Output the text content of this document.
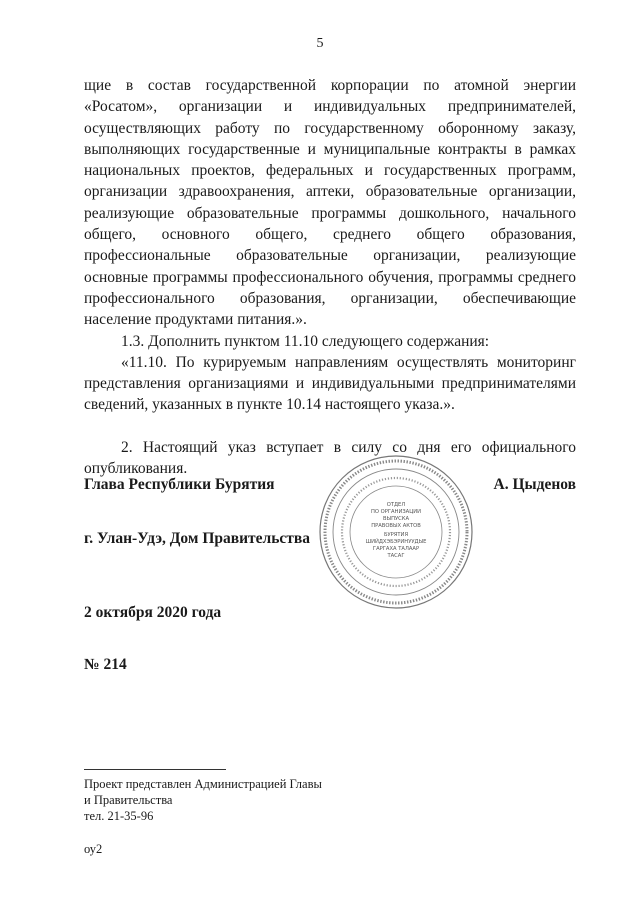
5

щие в состав государственной корпорации по атомной энергии «Росатом», организации и индивидуальных предпринимателей, осуществляющих работу по государственному оборонному заказу, выполняющих государственные и муниципальные контракты в рамках национальных проектов, федеральных и государственных программ, организации здравоохранения, аптеки, образовательные организации, реализующие образовательные программы дошкольного, начального общего, основного общего, среднего общего образования, профессиональные образовательные организации, реализующие основные программы профессионального обучения, программы среднего профессионального образования, организации, обеспечивающие население продуктами питания.».

1.3. Дополнить пунктом 11.10 следующего содержания:

«11.10. По курируемым направлениям осуществлять мониторинг представления организациями и индивидуальными предпринимателями сведений, указанных в пункте 10.14 настоящего указа.».

2. Настоящий указ вступает в силу со дня его официального опубликования.

ОТДЕЛ
ПО ОРГАНИЗАЦИИ
ВЫПУСКА
ПРАВОВЫХ АКТОВ
БУРЯТИЯ
ШИЙДХЭБЭРИНУУДЫЕ
ГАРГАХА ТАЛААР
ТАСАГ
Глава Республики Бурятия	А. Цыденов
г. Улан-Удэ, Дом Правительства
2 октября 2020 года
№ 214
Проект представлен Администрацией Главы
и Правительства
тел. 21-35-96
оу2
